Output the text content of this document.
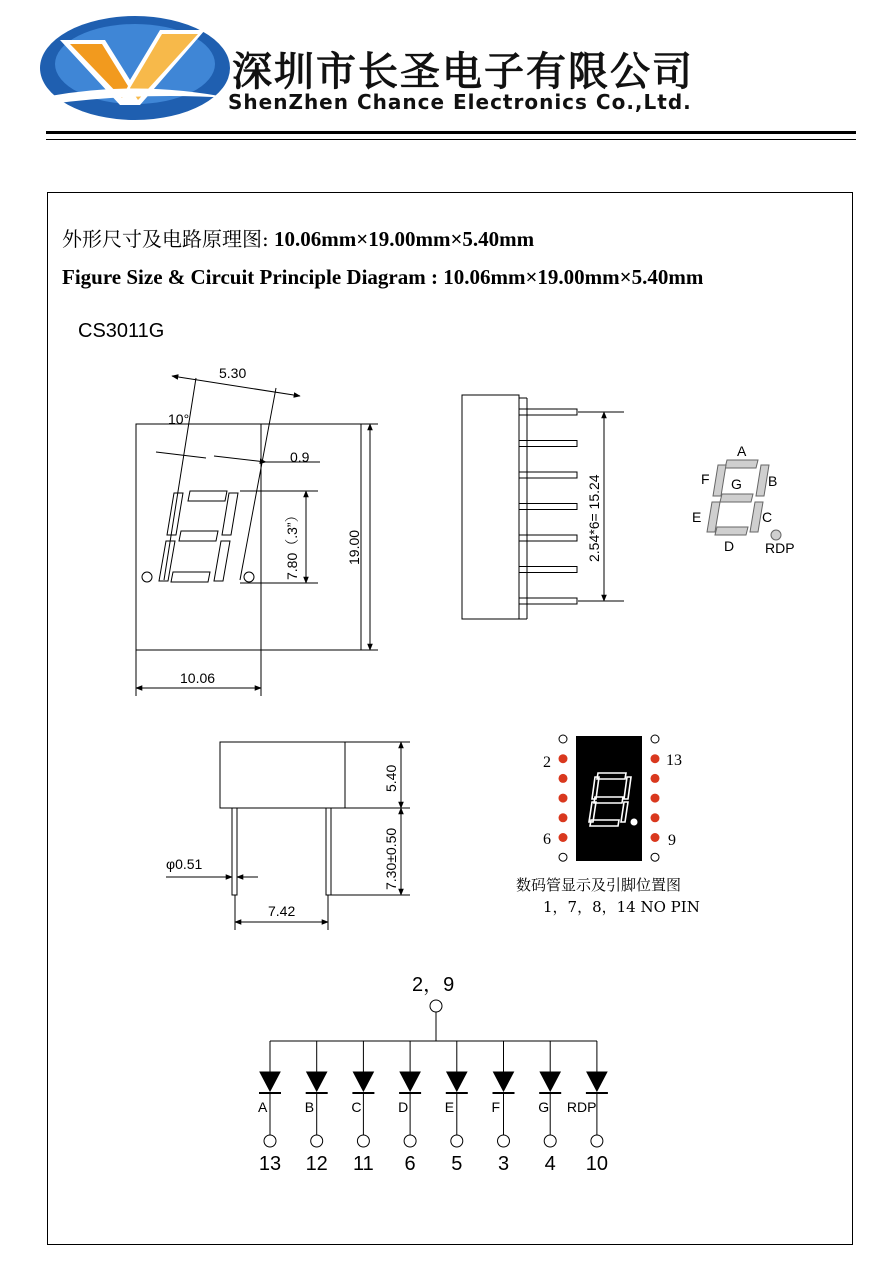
深圳市长圣电子有限公司
ShenZhen Chance Electronics Co.,Ltd.
外形尺寸及电路原理图: 10.06mm×19.00mm×5.40mm
Figure Size & Circuit Principle Diagram : 10.06mm×19.00mm×5.40mm
CS3011G
5.30
10°
0.9
7.80（.3”）	19.00
10.06
2.54*6= 15.24
A
B
C
D
E
F G
RDP
5.40
7.30±0.50
φ0.51
7.42
2
6
13
9
数码管显示及引脚位置图
1，7，8，14 NO PIN
2，9
A
13
B
12
C
11
D
6
E
5
F
3
G
4
RDP
10
